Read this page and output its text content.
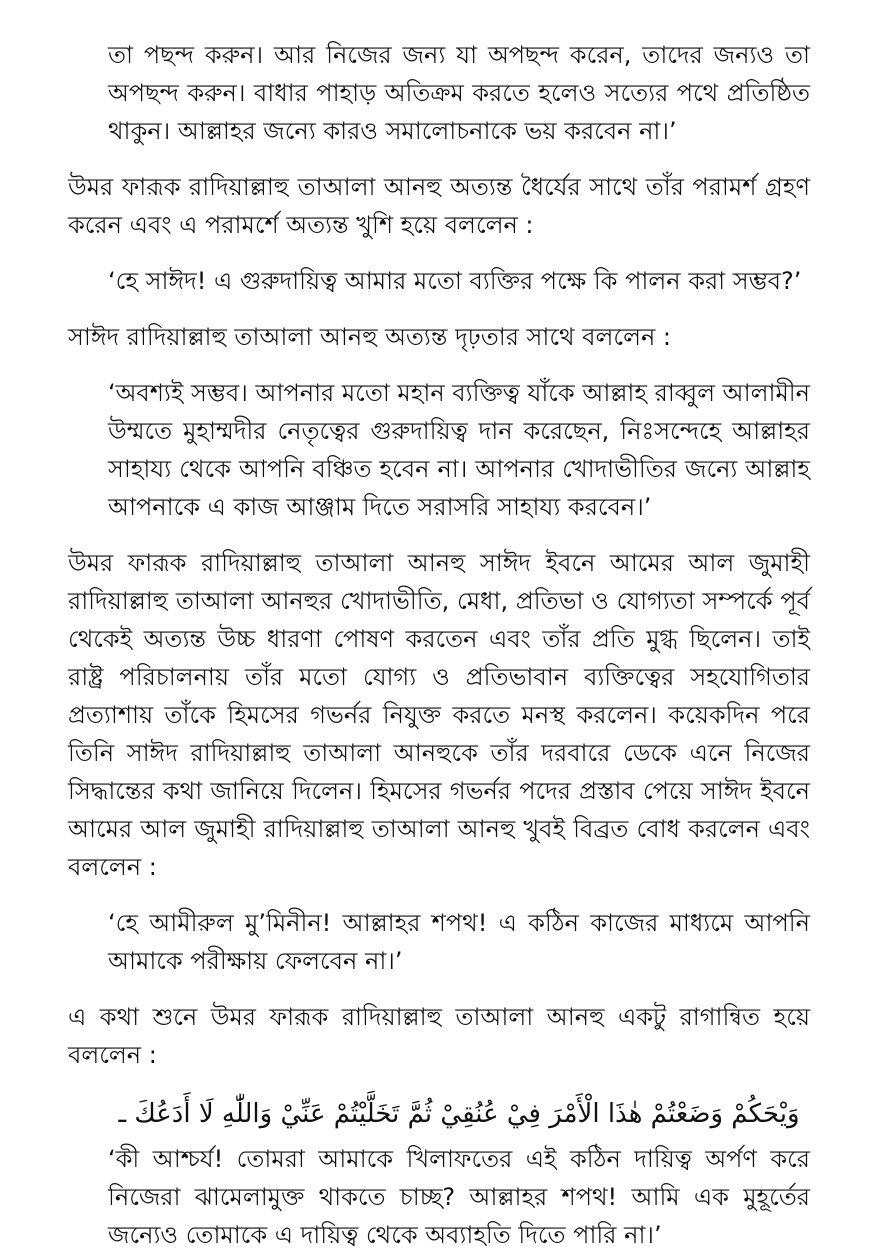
তা পছন্দ করুন। আর নিজের জন্য যা অপছন্দ করেন, তাদের জন্যও তা অপছন্দ করুন। বাধার পাহাড় অতিক্রম করতে হলেও সত্যের পথে প্রতিষ্ঠিত থাকুন। আল্লাহর জন্যে কারও সমালোচনাকে ভয় করবেন না।’

উমর ফারূক রাদিয়াল্লাহু তাআলা আনহু অত্যন্ত ধৈর্যের সাথে তাঁর পরামর্শ গ্রহণ করেন এবং এ পরামর্শে অত্যন্ত খুশি হয়ে বললেন :

‘হে সাঈদ! এ গুরুদায়িত্ব আমার মতো ব্যক্তির পক্ষে কি পালন করা সম্ভব?’

সাঈদ রাদিয়াল্লাহু তাআলা আনহু অত্যন্ত দৃঢ়তার সাথে বললেন :

‘অবশ্যই সম্ভব। আপনার মতো মহান ব্যক্তিত্ব যাঁকে আল্লাহ রাব্বুল আলামীন উম্মতে মুহাম্মদীর নেতৃত্বের গুরুদায়িত্ব দান করেছেন, নিঃসন্দেহে আল্লাহর সাহায্য থেকে আপনি বঞ্চিত হবেন না। আপনার খোদাভীতির জন্যে আল্লাহ আপনাকে এ কাজ আঞ্জাম দিতে সরাসরি সাহায্য করবেন।’

উমর ফারূক রাদিয়াল্লাহু তাআলা আনহু সাঈদ ইবনে আমের আল জুমাহী রাদিয়াল্লাহু তাআলা আনহুর খোদাভীতি, মেধা, প্রতিভা ও যোগ্যতা সম্পর্কে পূর্ব থেকেই অত্যন্ত উচ্চ ধারণা পোষণ করতেন এবং তাঁর প্রতি মুগ্ধ ছিলেন। তাই রাষ্ট্র পরিচালনায় তাঁর মতো যোগ্য ও প্রতিভাবান ব্যক্তিত্বের সহযোগিতার প্রত্যাশায় তাঁকে হিমসের গভর্নর নিযুক্ত করতে মনস্থ করলেন। কয়েকদিন পরে তিনি সাঈদ রাদিয়াল্লাহু তাআলা আনহুকে তাঁর দরবারে ডেকে এনে নিজের সিদ্ধান্তের কথা জানিয়ে দিলেন। হিমসের গভর্নর পদের প্রস্তাব পেয়ে সাঈদ ইবনে আমের আল জুমাহী রাদিয়াল্লাহু তাআলা আনহু খুবই বিব্রত বোধ করলেন এবং বললেন :

‘হে আমীরুল মু’মিনীন! আল্লাহর শপথ! এ কঠিন কাজের মাধ্যমে আপনি আমাকে পরীক্ষায় ফেলবেন না।’

এ কথা শুনে উমর ফারূক রাদিয়াল্লাহু তাআলা আনহু একটু রাগান্বিত হয়ে বললেন :

وَيْحَكُمْ وَضَعْتُمْ هٰذَا الْأَمْرَ فِيْ عُنُقِيْ ثُمَّ تَخَلَّيْتُمْ عَنِّيْ وَاللّٰهِ لَا أَدَعُكَ ـ

‘কী আশ্চর্য! তোমরা আমাকে খিলাফতের এই কঠিন দায়িত্ব অর্পণ করে নিজেরা ঝামেলামুক্ত থাকতে চাচ্ছ? আল্লাহর শপথ! আমি এক মুহূর্তের জন্যেও তোমাকে এ দায়িত্ব থেকে অব্যাহতি দিতে পারি না।’
